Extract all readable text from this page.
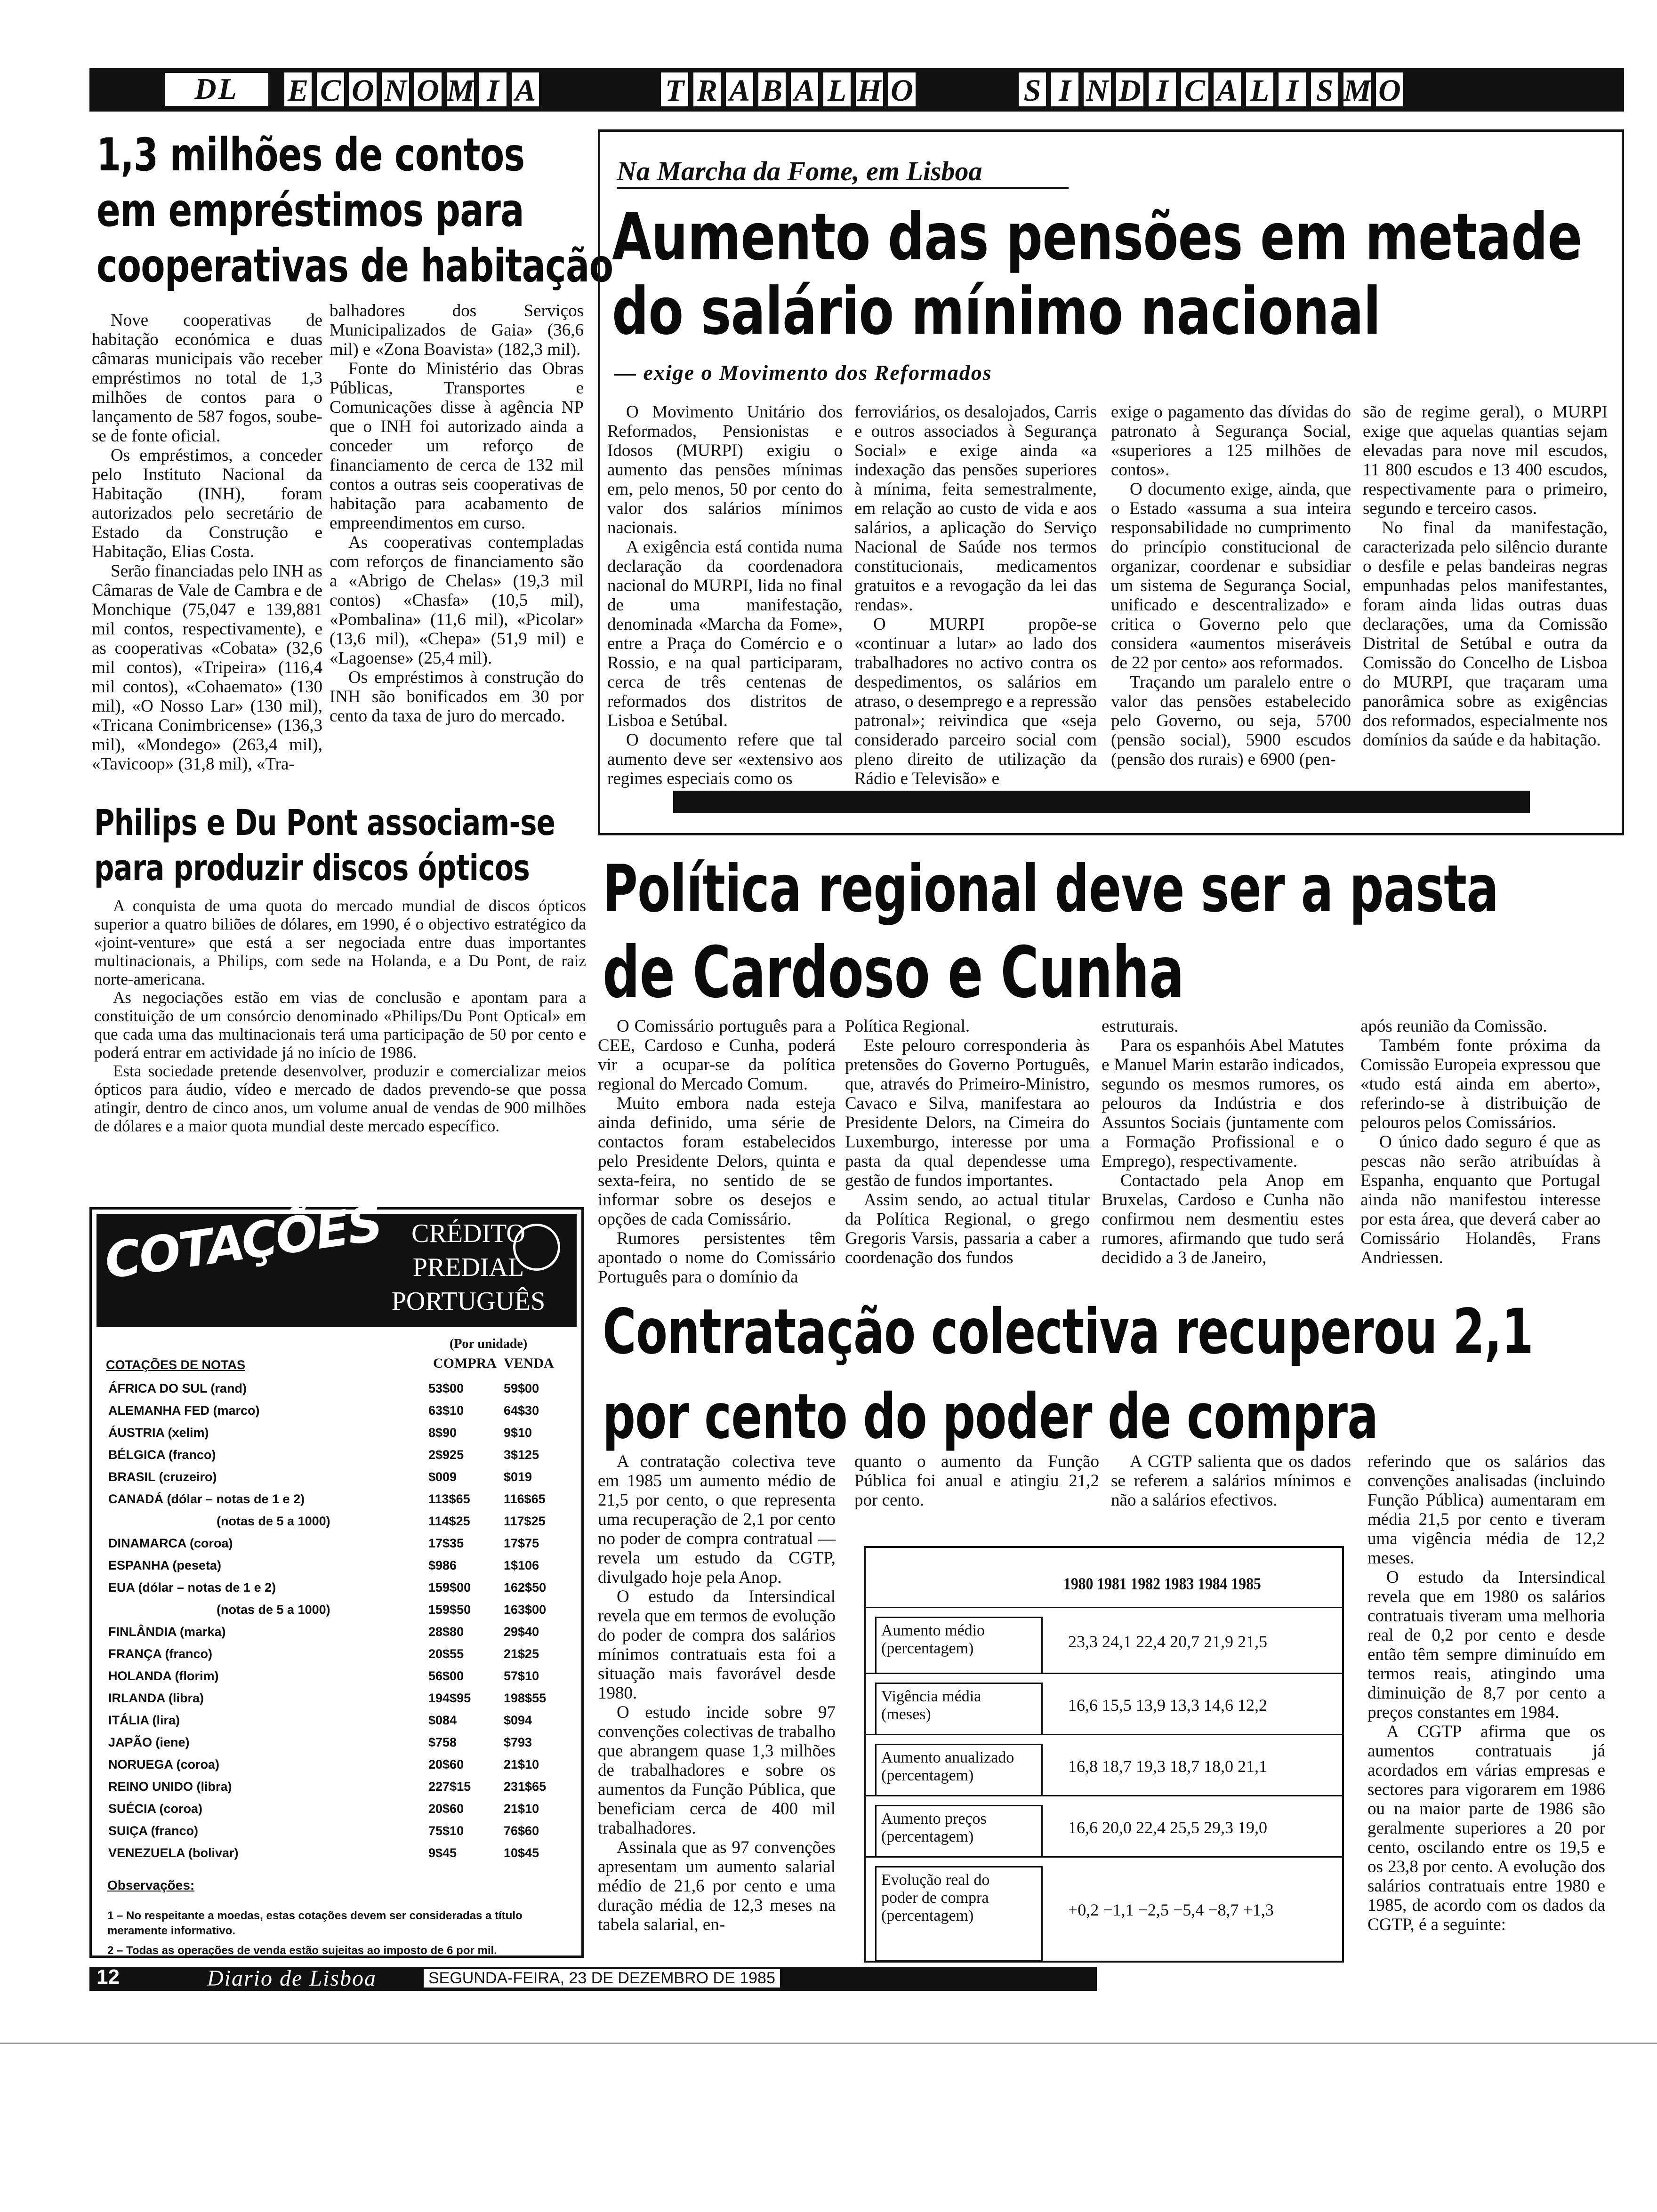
DL	E C O N O M I A	T R A B A L H O	S I N D I C A L I S M O
1,3 milhões de contos
em empréstimos para
cooperativas de habitação

Nove cooperativas de habitação económica e duas câmaras municipais vão receber empréstimos no total de 1,3 milhões de contos para o lançamento de 587 fogos, soube-se de fonte oficial.

Os empréstimos, a conceder pelo Instituto Nacional da Habitação (INH), foram autorizados pelo secretário de Estado da Construção e Habitação, Elias Costa.

Serão financiadas pelo INH as Câmaras de Vale de Cambra e de Monchique (75,047 e 139,881 mil contos, respectivamente), e as cooperativas «Cobata» (32,6 mil contos), «Tripeira» (116,4 mil contos), «Cohaemato» (130 mil), «O Nosso Lar» (130 mil), «Tricana Conimbricense» (136,3 mil), «Mondego» (263,4 mil), «Tavicoop» (31,8 mil), «Tra-

balhadores dos Serviços Municipalizados de Gaia» (36,6 mil) e «Zona Boavista» (182,3 mil).

Fonte do Ministério das Obras Públicas, Transportes e Comunicações disse à agência NP que o INH foi autorizado ainda a conceder um reforço de financiamento de cerca de 132 mil contos a outras seis cooperativas de habitação para acabamento de empreendimentos em curso.

As cooperativas contempladas com reforços de financiamento são a «Abrigo de Chelas» (19,3 mil contos) «Chasfa» (10,5 mil), «Pombalina» (11,6 mil), «Picolar» (13,6 mil), «Chepa» (51,9 mil) e «Lagoense» (25,4 mil).

Os empréstimos à construção do INH são bonificados em 30 por cento da taxa de juro do mercado.

Na Marcha da Fome, em Lisboa
Aumento das pensões em metade
do salário mínimo nacional
— exige o Movimento dos Reformados

O Movimento Unitário dos Reformados, Pensionistas e Idosos (MURPI) exigiu o aumento das pensões mínimas em, pelo menos, 50 por cento do valor dos salários mínimos nacionais.

A exigência está contida numa declaração da coordenadora nacional do MURPI, lida no final de uma manifestação, denominada «Marcha da Fome», entre a Praça do Comércio e o Rossio, e na qual participaram, cerca de três centenas de reformados dos distritos de Lisboa e Setúbal.

O documento refere que tal aumento deve ser «extensivo aos regimes especiais como os

ferroviários, os desalojados, Carris e outros associados à Segurança Social» e exige ainda «a indexação das pensões superiores à mínima, feita semestralmente, em relação ao custo de vida e aos salários, a aplicação do Serviço Nacional de Saúde nos termos constitucionais, medicamentos gratuitos e a revogação da lei das rendas».

O MURPI propõe-se «continuar a lutar» ao lado dos trabalhadores no activo contra os despedimentos, os salários em atraso, o desemprego e a repressão patronal»; reivindica que «seja considerado parceiro social com pleno direito de utilização da Rádio e Televisão» e

exige o pagamento das dívidas do patronato à Segurança Social, «superiores a 125 milhões de contos».

O documento exige, ainda, que o Estado «assuma a sua inteira responsabilidade no cumprimento do princípio constitucional de organizar, coordenar e subsidiar um sistema de Segurança Social, unificado e descentralizado» e critica o Governo pelo que considera «aumentos miseráveis de 22 por cento» aos reformados.

Traçando um paralelo entre o valor das pensões estabelecido pelo Governo, ou seja, 5700 (pensão social), 5900 escudos (pensão dos rurais) e 6900 (pen-

são de regime geral), o MURPI exige que aquelas quantias sejam elevadas para nove mil escudos, 11 800 escudos e 13 400 escudos, respectivamente para o primeiro, segundo e terceiro casos.

No final da manifestação, caracterizada pelo silêncio durante o desfile e pelas bandeiras negras empunhadas pelos manifestantes, foram ainda lidas outras duas declarações, uma da Comissão Distrital de Setúbal e outra da Comissão do Concelho de Lisboa do MURPI, que traçaram uma panorâmica sobre as exigências dos reformados, especialmente nos domínios da saúde e da habitação.

Philips e Du Pont associam-se
para produzir discos ópticos

A conquista de uma quota do mercado mundial de discos ópticos superior a quatro biliões de dólares, em 1990, é o objectivo estratégico da «joint-venture» que está a ser negociada entre duas importantes multinacionais, a Philips, com sede na Holanda, e a Du Pont, de raiz norte-americana.

As negociações estão em vias de conclusão e apontam para a constituição de um consórcio denominado «Philips/Du Pont Optical» em que cada uma das multinacionais terá uma participação de 50 por cento e poderá entrar em actividade já no início de 1986.

Esta sociedade pretende desenvolver, produzir e comercializar meios ópticos para áudio, vídeo e mercado de dados prevendo-se que possa atingir, dentro de cinco anos, um volume anual de vendas de 900 milhões de dólares e a maior quota mundial deste mercado específico.

COTAÇÕES	CRÉDITO
PREDIAL
PORTUGUÊS
(Por unidade)
COTAÇÕES DE NOTAS	COMPRA VENDA
ÁFRICA DO SUL (rand)	53$00	59$00
ALEMANHA FED (marco)	63$10	64$30
ÁUSTRIA (xelim)	8$90	9$10
BÉLGICA (franco)	2$925	3$125
BRASIL (cruzeiro)	$009	$019
CANADÁ (dólar – notas de 1 e 2)	113$65	116$65
(notas de 5 a 1000)	114$25	117$25
DINAMARCA (coroa)	17$35	17$75
ESPANHA (peseta)	$986	1$106
EUA (dólar – notas de 1 e 2)	159$00	162$50
(notas de 5 a 1000)	159$50	163$00
FINLÂNDIA (marka)	28$80	29$40
FRANÇA (franco)	20$55	21$25
HOLANDA (florim)	56$00	57$10
IRLANDA (libra)	194$95	198$55
ITÁLIA (lira)	$084	$094
JAPÃO (iene)	$758	$793
NORUEGA (coroa)	20$60	21$10
REINO UNIDO (libra)	227$15	231$65
SUÉCIA (coroa)	20$60	21$10
SUIÇA (franco)	75$10	76$60
VENEZUELA (bolivar)	9$45	10$45
Observações:
1 – No respeitante a moedas, estas cotações devem ser consideradas a título meramente informativo.
2 – Todas as operações de venda estão sujeitas ao imposto de 6 por mil.
Política regional deve ser a pasta
de Cardoso e Cunha

O Comissário português para a CEE, Cardoso e Cunha, poderá vir a ocupar-se da política regional do Mercado Comum.

Muito embora nada esteja ainda definido, uma série de contactos foram estabelecidos pelo Presidente Delors, quinta e sexta-feira, no sentido de se informar sobre os desejos e opções de cada Comissário.

Rumores persistentes têm apontado o nome do Comissário Português para o domínio da

Política Regional.

Este pelouro corresponderia às pretensões do Governo Português, que, através do Primeiro-Ministro, Cavaco e Silva, manifestara ao Presidente Delors, na Cimeira do Luxemburgo, interesse por uma pasta da qual dependesse uma gestão de fundos importantes.

Assim sendo, ao actual titular da Política Regional, o grego Gregoris Varsis, passaria a caber a coordenação dos fundos

estruturais.

Para os espanhóis Abel Matutes e Manuel Marin estarão indicados, segundo os mesmos rumores, os pelouros da Indústria e dos Assuntos Sociais (juntamente com a Formação Profissional e o Emprego), respectivamente.

Contactado pela Anop em Bruxelas, Cardoso e Cunha não confirmou nem desmentiu estes rumores, afirmando que tudo será decidido a 3 de Janeiro,

após reunião da Comissão.

Também fonte próxima da Comissão Europeia expressou que «tudo está ainda em aberto», referindo-se à distribuição de pelouros pelos Comissários.

O único dado seguro é que as pescas não serão atribuídas à Espanha, enquanto que Portugal ainda não manifestou interesse por esta área, que deverá caber ao Comissário Holandês, Frans Andriessen.

Contratação colectiva recuperou 2,1
por cento do poder de compra

A contratação colectiva teve em 1985 um aumento médio de 21,5 por cento, o que representa uma recuperação de 2,1 por cento no poder de compra contratual — revela um estudo da CGTP, divulgado hoje pela Anop.

O estudo da Intersindical revela que em termos de evolução do poder de compra dos salários mínimos contratuais esta foi a situação mais favorável desde 1980.

O estudo incide sobre 97 convenções colectivas de trabalho que abrangem quase 1,3 milhões de trabalhadores e sobre os aumentos da Função Pública, que beneficiam cerca de 400 mil trabalhadores.

Assinala que as 97 convenções apresentam um aumento salarial médio de 21,6 por cento e uma duração média de 12,3 meses na tabela salarial, en-

quanto o aumento da Função Pública foi anual e atingiu 21,2 por cento.

A CGTP salienta que os dados se referem a salários mínimos e não a salários efectivos.

referindo que os salários das convenções analisadas (incluindo Função Pública) aumentaram em média 21,5 por cento e tiveram uma vigência média de 12,2 meses.

O estudo da Intersindical revela que em 1980 os salários contratuais tiveram uma melhoria real de 0,2 por cento e desde então têm sempre diminuído em termos reais, atingindo uma diminuição de 8,7 por cento a preços constantes em 1984.

A CGTP afirma que os aumentos contratuais já acordados em várias empresas e sectores para vigorarem em 1986 ou na maior parte de 1986 são geralmente superiores a 20 por cento, oscilando entre os 19,5 e os 23,8 por cento. A evolução dos salários contratuais entre 1980 e 1985, de acordo com os dados da CGTP, é a seguinte:

1980 1981 1982 1983 1984 1985
Aumento médio
(percentagem)	23,3 24,1 22,4 20,7 21,9 21,5
Vigência média
(meses)	16,6 15,5 13,9 13,3 14,6 12,2
Aumento anualizado
(percentagem)	16,8 18,7 19,3 18,7 18,0 21,1
Aumento preços
(percentagem)	16,6 20,0 22,4 25,5 29,3 19,0
Evolução real do
poder de compra
(percentagem)	+0,2 −1,1 −2,5 −5,4 −8,7 +1,3
12	Diario de Lisboa	SEGUNDA-FEIRA, 23 DE DEZEMBRO DE 1985
